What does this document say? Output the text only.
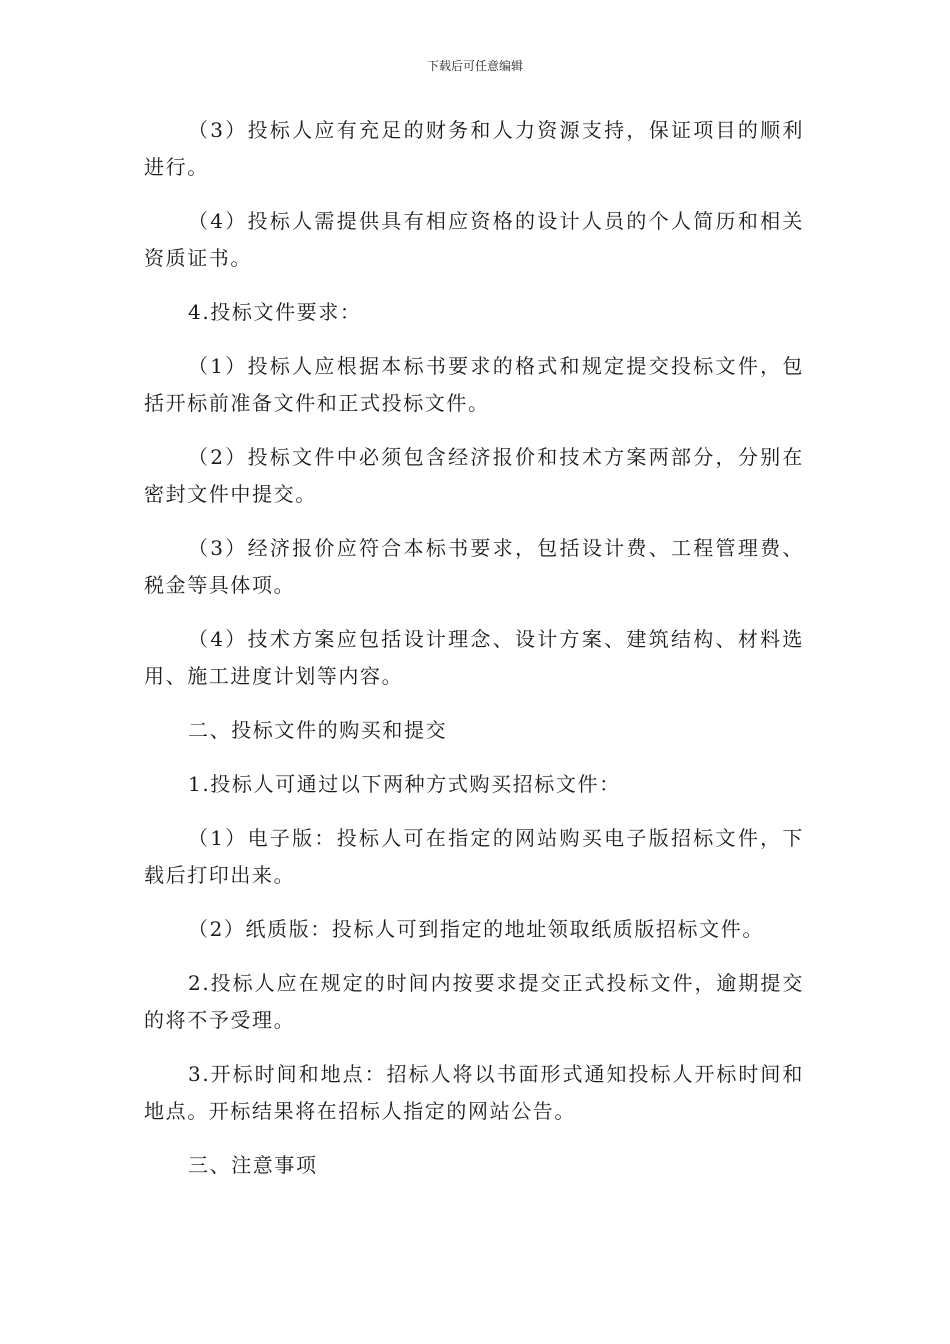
下载后可任意编辑

（3）投标人应有充足的财务和人力资源支持，保证项目的顺利进行。

（4）投标人需提供具有相应资格的设计人员的个人简历和相关资质证书。

4.投标文件要求：

（1）投标人应根据本标书要求的格式和规定提交投标文件，包括开标前准备文件和正式投标文件。

（2）投标文件中必须包含经济报价和技术方案两部分，分别在密封文件中提交。

（3）经济报价应符合本标书要求，包括设计费、工程管理费、税金等具体项。

（4）技术方案应包括设计理念、设计方案、建筑结构、材料选用、施工进度计划等内容。

二、投标文件的购买和提交

1.投标人可通过以下两种方式购买招标文件：

（1）电子版：投标人可在指定的网站购买电子版招标文件，下载后打印出来。

（2）纸质版：投标人可到指定的地址领取纸质版招标文件。

2.投标人应在规定的时间内按要求提交正式投标文件，逾期提交的将不予受理。

3.开标时间和地点：招标人将以书面形式通知投标人开标时间和地点。开标结果将在招标人指定的网站公告。

三、注意事项
